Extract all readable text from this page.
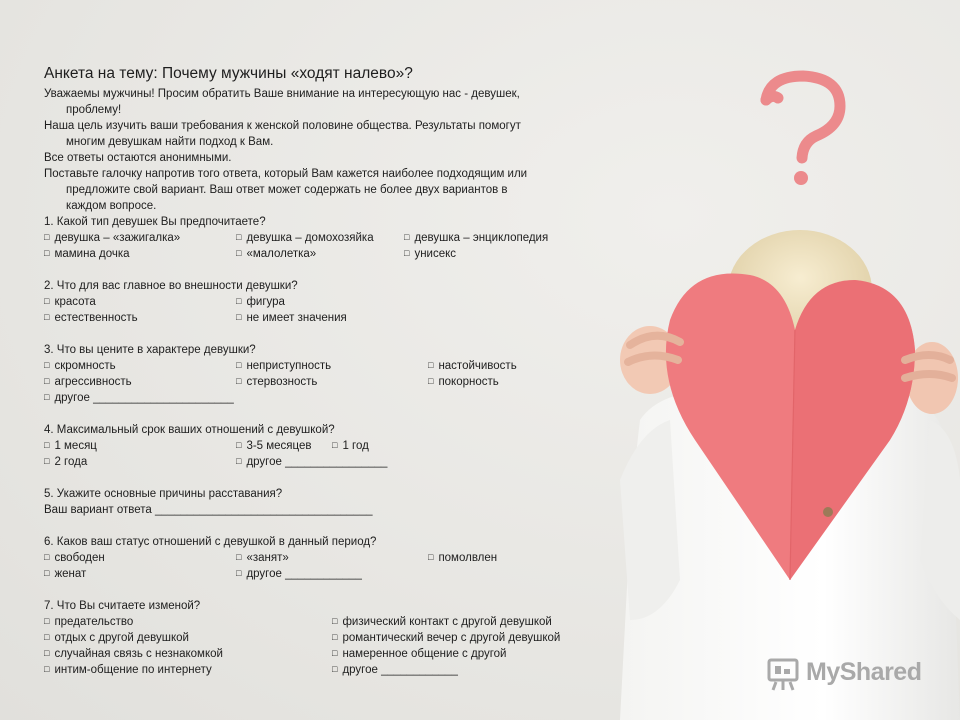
Анкета на тему: Почему мужчины «ходят налево»?
Уважаемы мужчины! Просим обратить Ваше внимание на интересующую нас - девушек,
проблему!
Наша цель изучить ваши требования к женской половине общества. Результаты помогут
многим девушкам найти подход к Вам.
Все ответы остаются анонимными.
Поставьте галочку напротив того ответа, который Вам кажется наиболее подходящим или
предложите свой вариант. Ваш ответ может содержать не более двух вариантов в
каждом вопросе.
1. Какой тип девушек Вы предпочитаете?
□ девушка – «зажигалка»	□ девушка – домохозяйка	□ девушка – энциклопедия
□ мамина дочка	□ «малолетка»	□ унисекс
2. Что для вас главное во внешности девушки?
□ красота	□ фигура
□ естественность	□ не имеет значения
3. Что вы цените в характере девушки?
□ скромность	□ неприступность	□ настойчивость
□ агрессивность	□ стервозность	□ покорность
□ другое ______________________
4. Максимальный срок ваших отношений с девушкой?
□ 1 месяц	□ 3-5 месяцев	□ 1 год
□ 2 года	□ другое ________________
5. Укажите основные причины расставания?
Ваш вариант ответа __________________________________
6. Каков ваш статус отношений с девушкой в данный период?
□ свободен	□ «занят»	□ помолвлен
□ женат	□ другое ____________
7. Что Вы считаете изменой?
□ предательство	□ физический контакт с другой девушкой
□ отдых с другой девушкой	□ романтический вечер с другой девушкой
□ случайная связь с незнакомкой	□ намеренное общение с другой
□ интим-общение по интернету	□ другое ____________	MyShared
